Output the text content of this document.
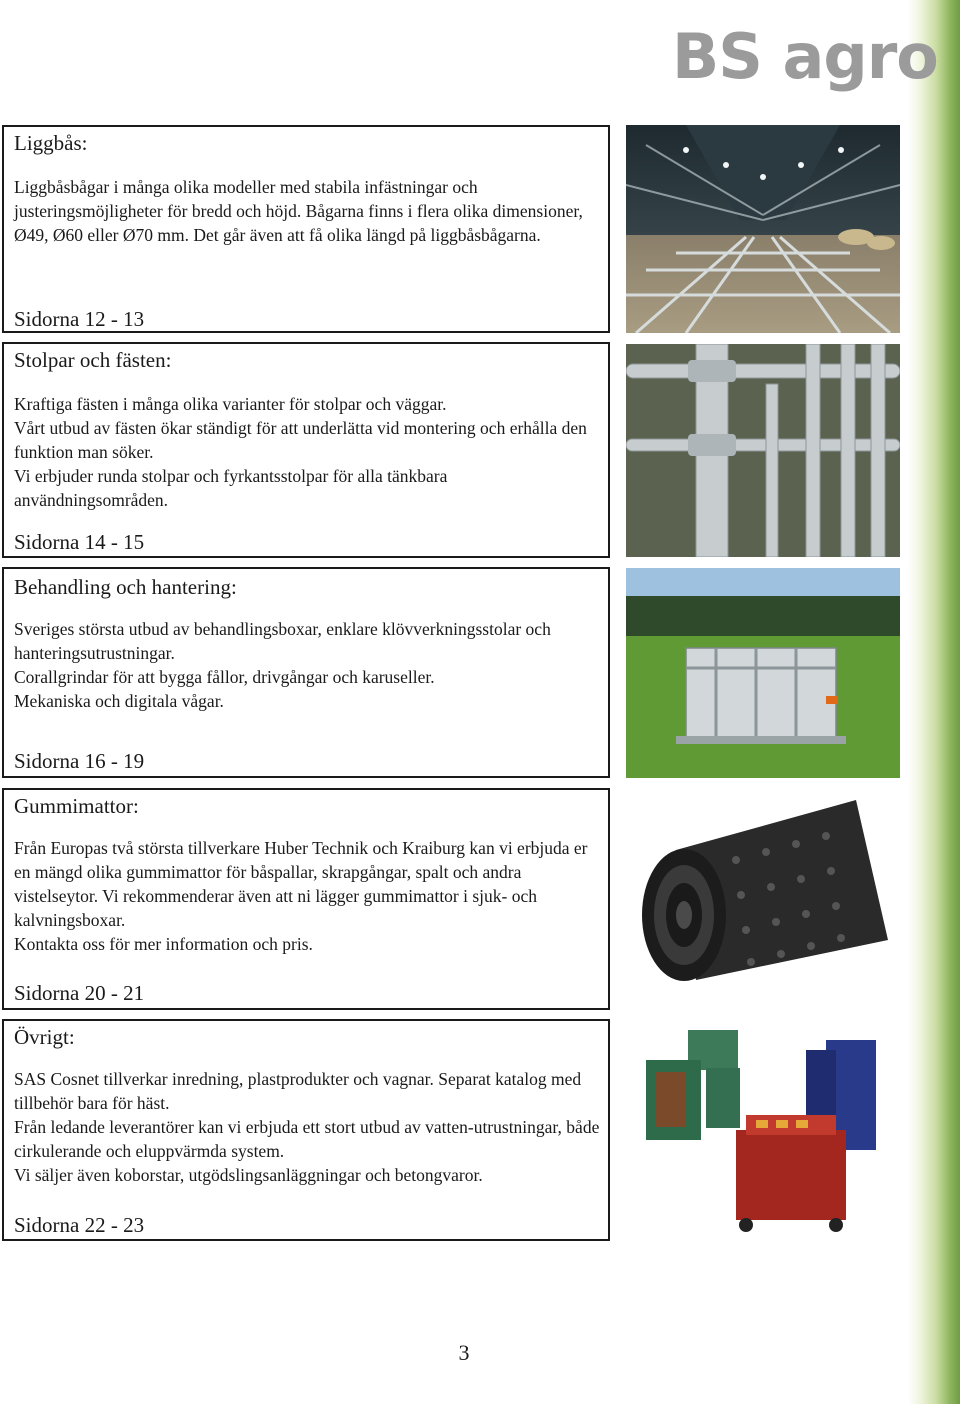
BS agro
Liggbås:

Liggbåsbågar i många olika modeller med stabila infästningar och justeringsmöjligheter för bredd och höjd. Bågarna finns i flera olika dimensioner, Ø49, Ø60 eller Ø70 mm. Det går även att få olika längd på liggbåsbågarna.

Sidorna 12 - 13
Stolpar och fästen:

Kraftiga fästen i många olika varianter för stolpar och väggar.

Vårt utbud av fästen ökar ständigt för att underlätta vid montering och erhålla den funktion man söker.

Vi erbjuder runda stolpar och fyrkantsstolpar för alla tänkbara användningsområden.

Sidorna 14 - 15
Behandling och hantering:

Sveriges största utbud av behandlingsboxar, enklare klövverkningsstolar och hanteringsutrustningar.

Corallgrindar för att bygga fållor, drivgångar och karuseller.

Mekaniska och digitala vågar.

Sidorna 16 - 19
Gummimattor:

Från Europas två största tillverkare Huber Technik och Kraiburg kan vi erbjuda er en mängd olika gummimattor för båspallar, skrapgångar, spalt och andra vistelseytor. Vi rekommenderar även att ni lägger gummimattor i sjuk- och kalvningsboxar.

Kontakta oss för mer information och pris.

Sidorna 20 - 21
Övrigt:

SAS Cosnet tillverkar inredning, plastprodukter och vagnar. Separat katalog med tillbehör bara för häst.

Från ledande leverantörer kan vi erbjuda ett stort utbud av vatten-utrustningar, både cirkulerande och eluppvärmda system.

Vi säljer även koborstar, utgödslingsanläggningar och betongvaror.

Sidorna 22 - 23
3
